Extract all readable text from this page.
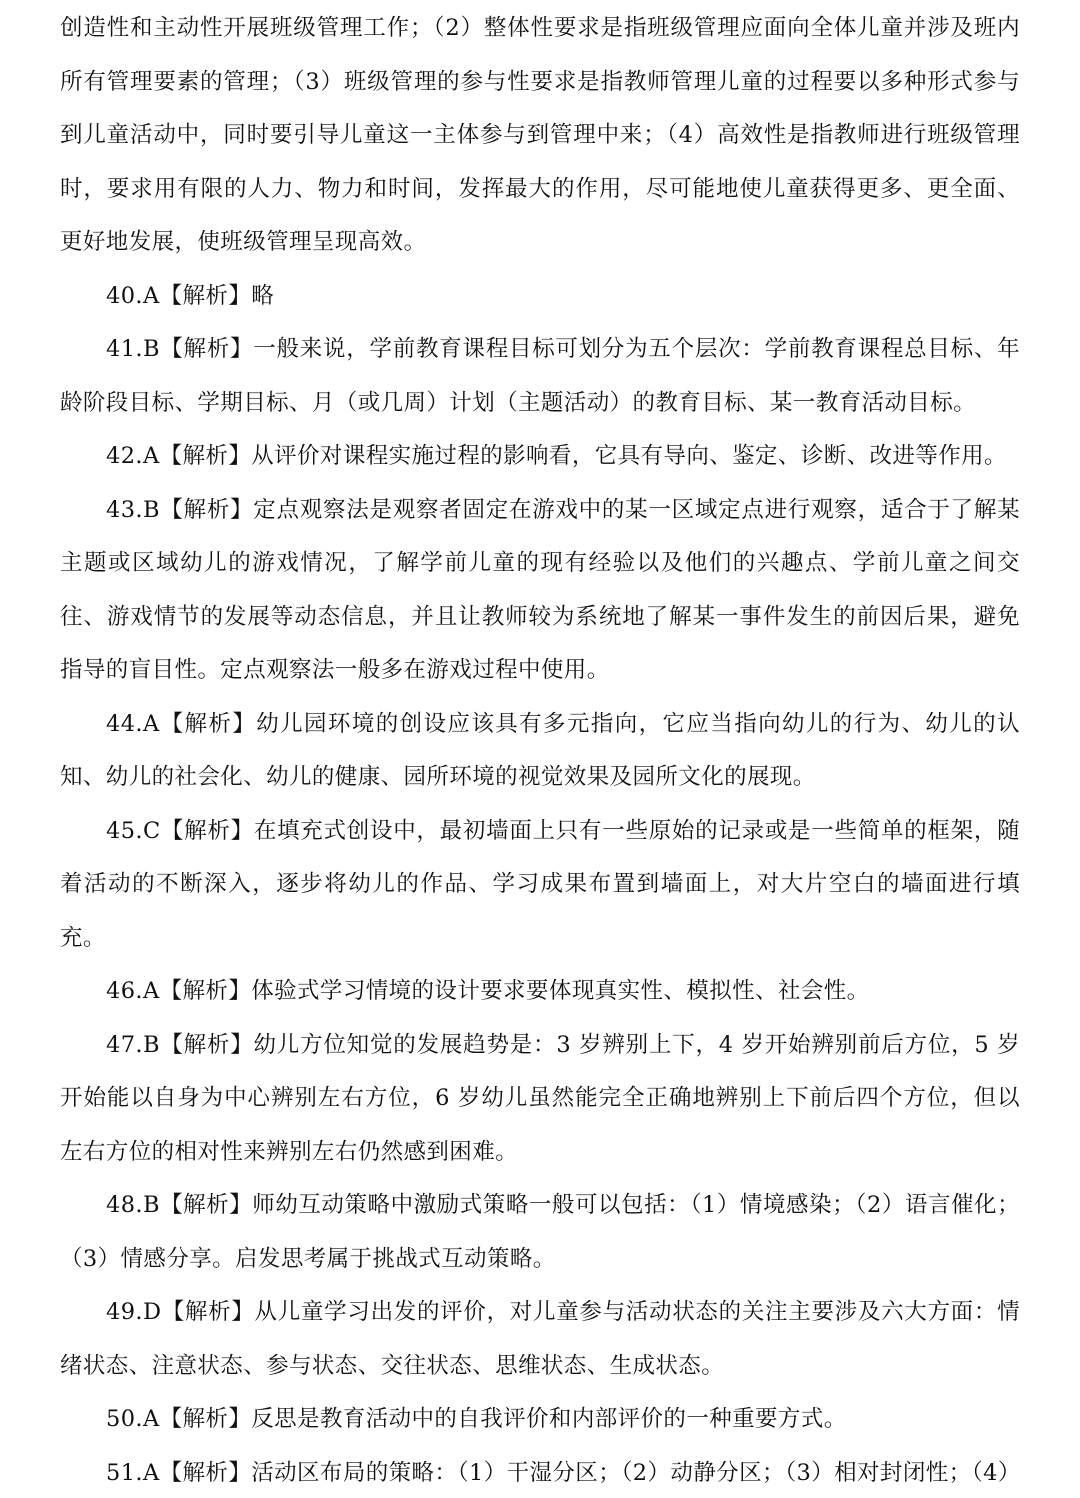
创造性和主动性开展班级管理工作；（2）整体性要求是指班级管理应面向全体儿童并涉及班内所有管理要素的管理；（3）班级管理的参与性要求是指教师管理儿童的过程要以多种形式参与到儿童活动中，同时要引导儿童这一主体参与到管理中来；（4）高效性是指教师进行班级管理时，要求用有限的人力、物力和时间，发挥最大的作用，尽可能地使儿童获得更多、更全面、更好地发展，使班级管理呈现高效。

40.A【解析】略

41.B【解析】一般来说，学前教育课程目标可划分为五个层次：学前教育课程总目标、年龄阶段目标、学期目标、月（或几周）计划（主题活动）的教育目标、某一教育活动目标。

42.A【解析】从评价对课程实施过程的影响看，它具有导向、鉴定、诊断、改进等作用。

43.B【解析】定点观察法是观察者固定在游戏中的某一区域定点进行观察，适合于了解某主题或区域幼儿的游戏情况，了解学前儿童的现有经验以及他们的兴趣点、学前儿童之间交往、游戏情节的发展等动态信息，并且让教师较为系统地了解某一事件发生的前因后果，避免指导的盲目性。定点观察法一般多在游戏过程中使用。

44.A【解析】幼儿园环境的创设应该具有多元指向，它应当指向幼儿的行为、幼儿的认知、幼儿的社会化、幼儿的健康、园所环境的视觉效果及园所文化的展现。

45.C【解析】在填充式创设中，最初墙面上只有一些原始的记录或是一些简单的框架，随着活动的不断深入，逐步将幼儿的作品、学习成果布置到墙面上，对大片空白的墙面进行填充。

46.A【解析】体验式学习情境的设计要求要体现真实性、模拟性、社会性。

47.B【解析】幼儿方位知觉的发展趋势是：3 岁辨别上下，4 岁开始辨别前后方位，5 岁开始能以自身为中心辨别左右方位，6 岁幼儿虽然能完全正确地辨别上下前后四个方位，但以左右方位的相对性来辨别左右仍然感到困难。

48.B【解析】师幼互动策略中激励式策略一般可以包括：（1）情境感染；（2）语言催化；（3）情感分享。启发思考属于挑战式互动策略。

49.D【解析】从儿童学习出发的评价，对儿童参与活动状态的关注主要涉及六大方面：情绪状态、注意状态、参与状态、交往状态、思维状态、生成状态。

50.A【解析】反思是教育活动中的自我评价和内部评价的一种重要方式。

51.A【解析】活动区布局的策略：（1）干湿分区；（2）动静分区；（3）相对封闭性；（4）
